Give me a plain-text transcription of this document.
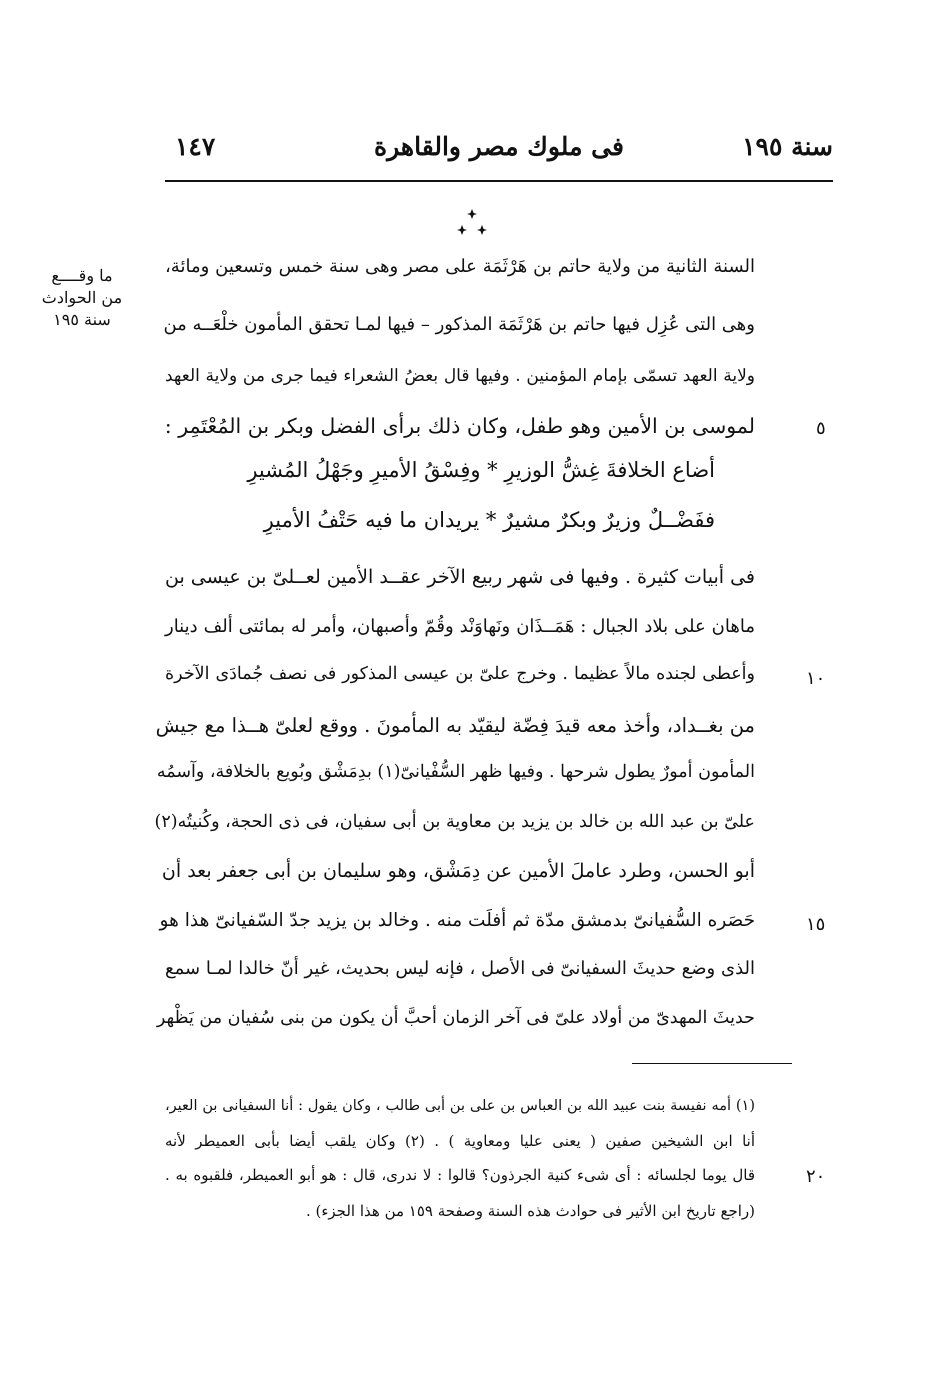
سنة ١٩٥
فى ملوك مصر والقاهرة
١٤٧
ما وقــــع
من الحوادث
سنة ١٩٥
السنة الثانية من ولاية حاتم بن هَرْثَمَة على مصر وهى سنة خمس وتسعين ومائة،
وهى التى عُزِل فيها حاتم بن هَرْثَمَة المذكور – فيها لمـا تحقق المأمون خلْعَــه من
ولاية العهد تسمّى بإمام المؤمنين . وفيها قال بعضُ الشعراء فيما جرى من ولاية العهد
لموسى بن الأمين وهو طفل، وكان ذلك برأى الفضل وبكر بن المُعْتَمِر :
أضاع الخلافةَ غِشُّ الوزيرِ * وفِسْقُ الأميرِ وجَهْلُ المُشيرِ
ففَضْــلٌ وزيرٌ وبكرٌ مشيرٌ * يريدان ما فيه حَتْفُ الأميرِ
فى أبيات كثيرة . وفيها فى شهر ربيع الآخر عقــد الأمين لعــلىّ بن عيسى بن
ماهان على بلاد الجبال : هَمَــذَان ونَهاوَنْد وقُمّ وأصبهان، وأمر له بمائتى ألف دينار
وأعطى لجنده مالاً عظيما . وخرج علىّ بن عيسى المذكور فى نصف جُمادَى الآخرة
من بغــداد، وأخذ معه قيدَ فِضّة ليقيّد به المأمونَ . ووقع لعلىّ هــذا مع جيش
المأمون أمورٌ يطول شرحها . وفيها ظهر السُّفْيانىّ(١) بدِمَشْق وبُويع بالخلافة، وآسمُه
علىّ بن عبد الله بن خالد بن يزيد بن معاوية بن أبى سفيان، فى ذى الحجة، وكُنيتُه(٢)
أبو الحسن، وطرد عاملَ الأمين عن دِمَشْق، وهو سليمان بن أبى جعفر بعد أن
حَصَره السُّفيانىّ بدمشق مدّة ثم أفلَت منه . وخالد بن يزيد جدّ السّفيانىّ هذا هو
الذى وضع حديثَ السفيانىّ فى الأصل ، فإنه ليس بحديث، غير أنّ خالدا لمـا سمع
حديثَ المهدىّ من أولاد علىّ فى آخر الزمان أحبَّ أن يكون من بنى سُفيان من يَظْهر
٥
١٠
١٥
٢٠
(١) أمه نفيسة بنت عبيد الله بن العباس بن على بن أبى طالب ، وكان يقول : أنا السفيانى بن العير،
أنا ابن الشيخين صفين ( يعنى عليا ومعاوية ) . (٢) وكان يلقب أيضا بأبى العميطر لأنه
قال يوما لجلسائه : أى شىء كنية الجرذون؟ قالوا : لا ندرى، قال : هو أبو العميطر، فلقبوه به .
(راجع تاريخ ابن الأثير فى حوادث هذه السنة وصفحة ١٥٩ من هذا الجزء) .
